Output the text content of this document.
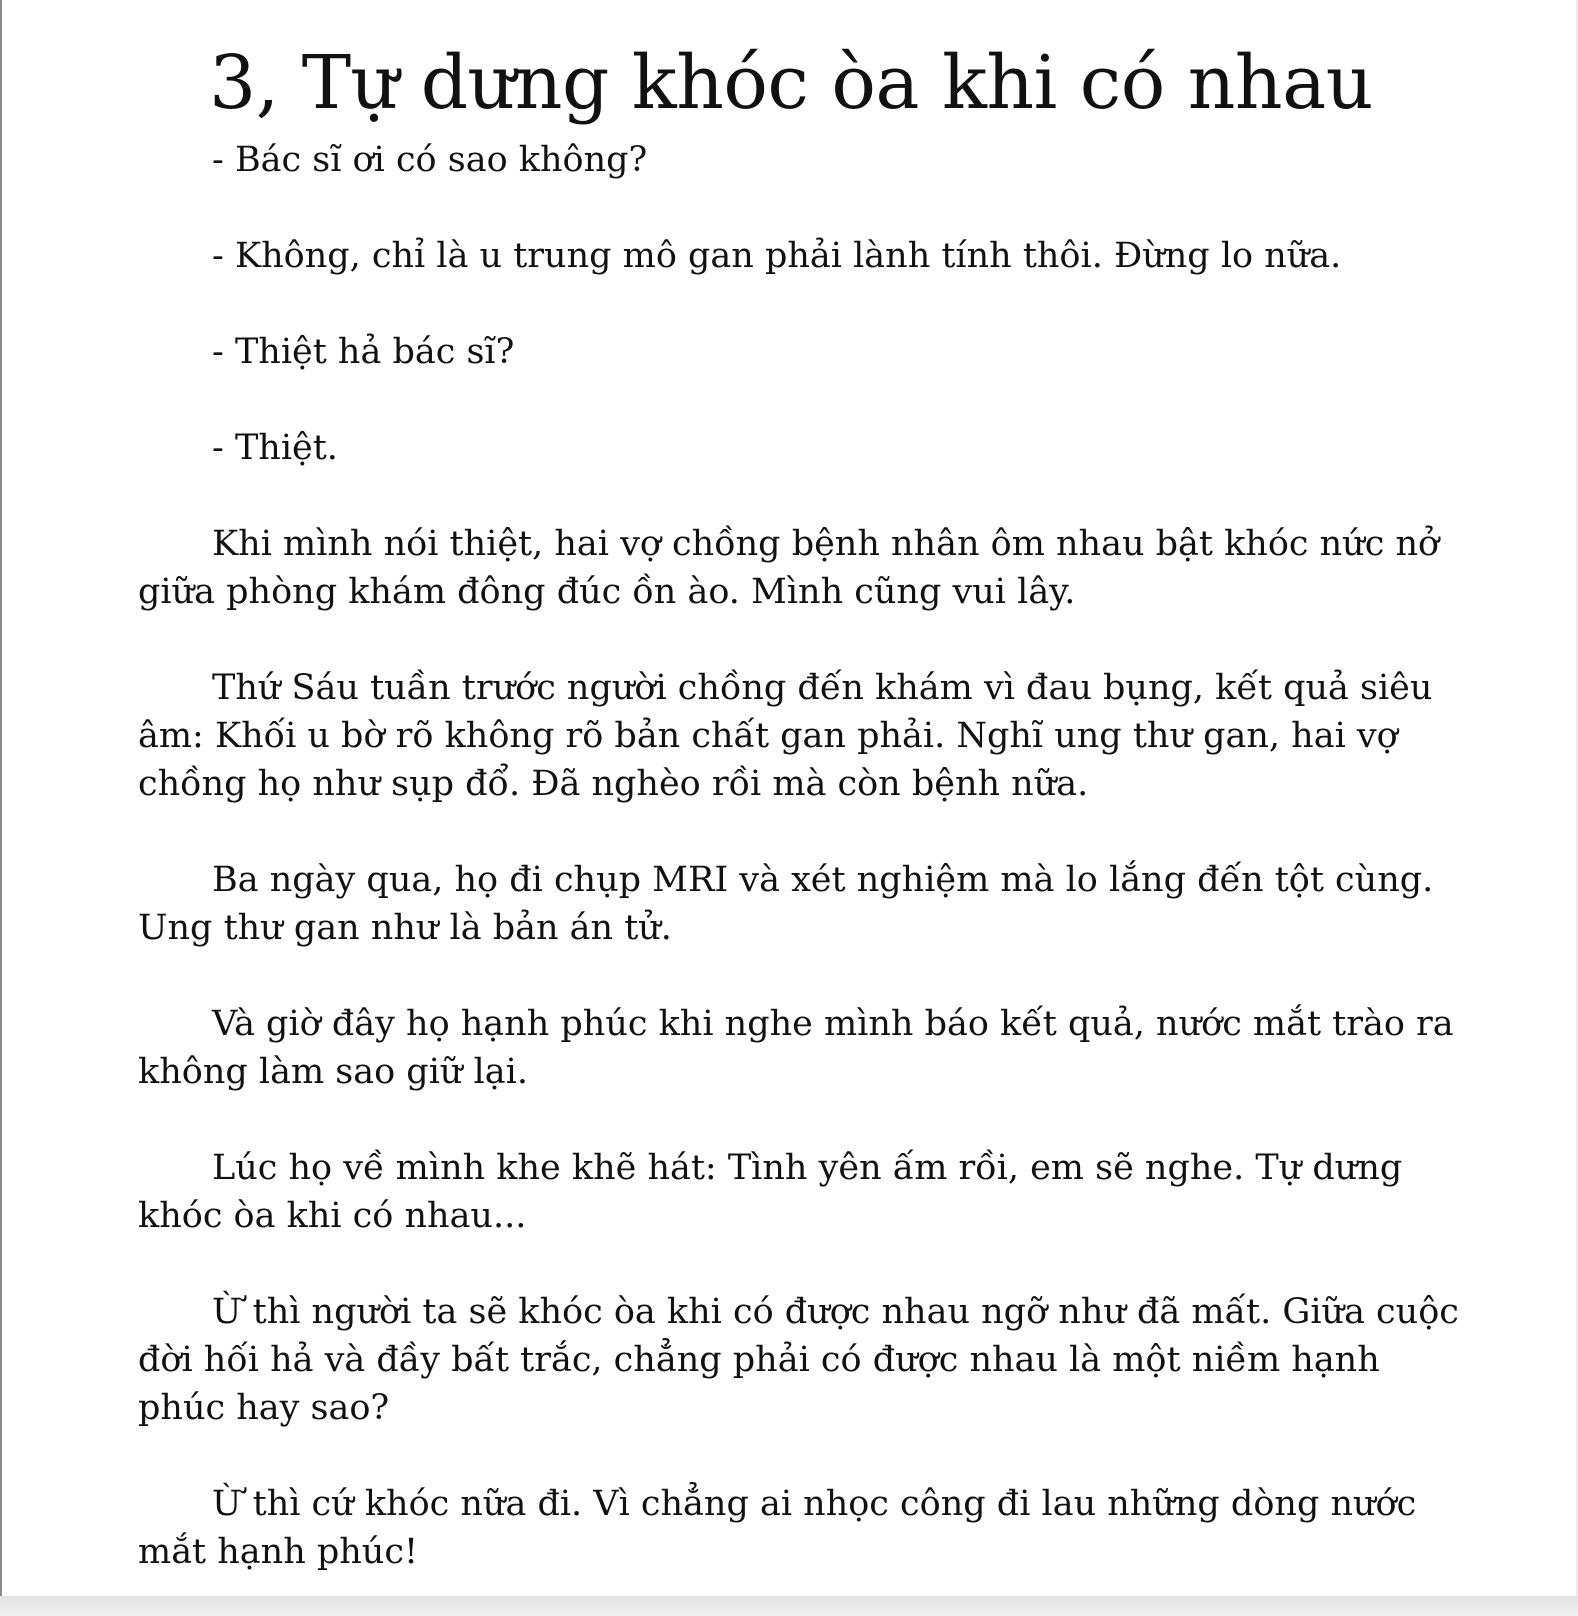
3, Tự dưng khóc òa khi có nhau

- Bác sĩ ơi có sao không?

- Không, chỉ là u trung mô gan phải lành tính thôi. Đừng lo nữa.

- Thiệt hả bác sĩ?

- Thiệt.

Khi mình nói thiệt, hai vợ chồng bệnh nhân ôm nhau bật khóc nức nở giữa phòng khám đông đúc ồn ào. Mình cũng vui lây.

Thứ Sáu tuần trước người chồng đến khám vì đau bụng, kết quả siêu âm: Khối u bờ rõ không rõ bản chất gan phải. Nghĩ ung thư gan, hai vợ chồng họ như sụp đổ. Đã nghèo rồi mà còn bệnh nữa.

Ba ngày qua, họ đi chụp MRI và xét nghiệm mà lo lắng đến tột cùng. Ung thư gan như là bản án tử.

Và giờ đây họ hạnh phúc khi nghe mình báo kết quả, nước mắt trào ra không làm sao giữ lại.

Lúc họ về mình khe khẽ hát: Tình yên ấm rồi, em sẽ nghe. Tự dưng khóc òa khi có nhau...

Ừ thì người ta sẽ khóc òa khi có được nhau ngỡ như đã mất. Giữa cuộc đời hối hả và đầy bất trắc, chẳng phải có được nhau là một niềm hạnh phúc hay sao?

Ừ thì cứ khóc nữa đi. Vì chẳng ai nhọc công đi lau những dòng nước mắt hạnh phúc!
